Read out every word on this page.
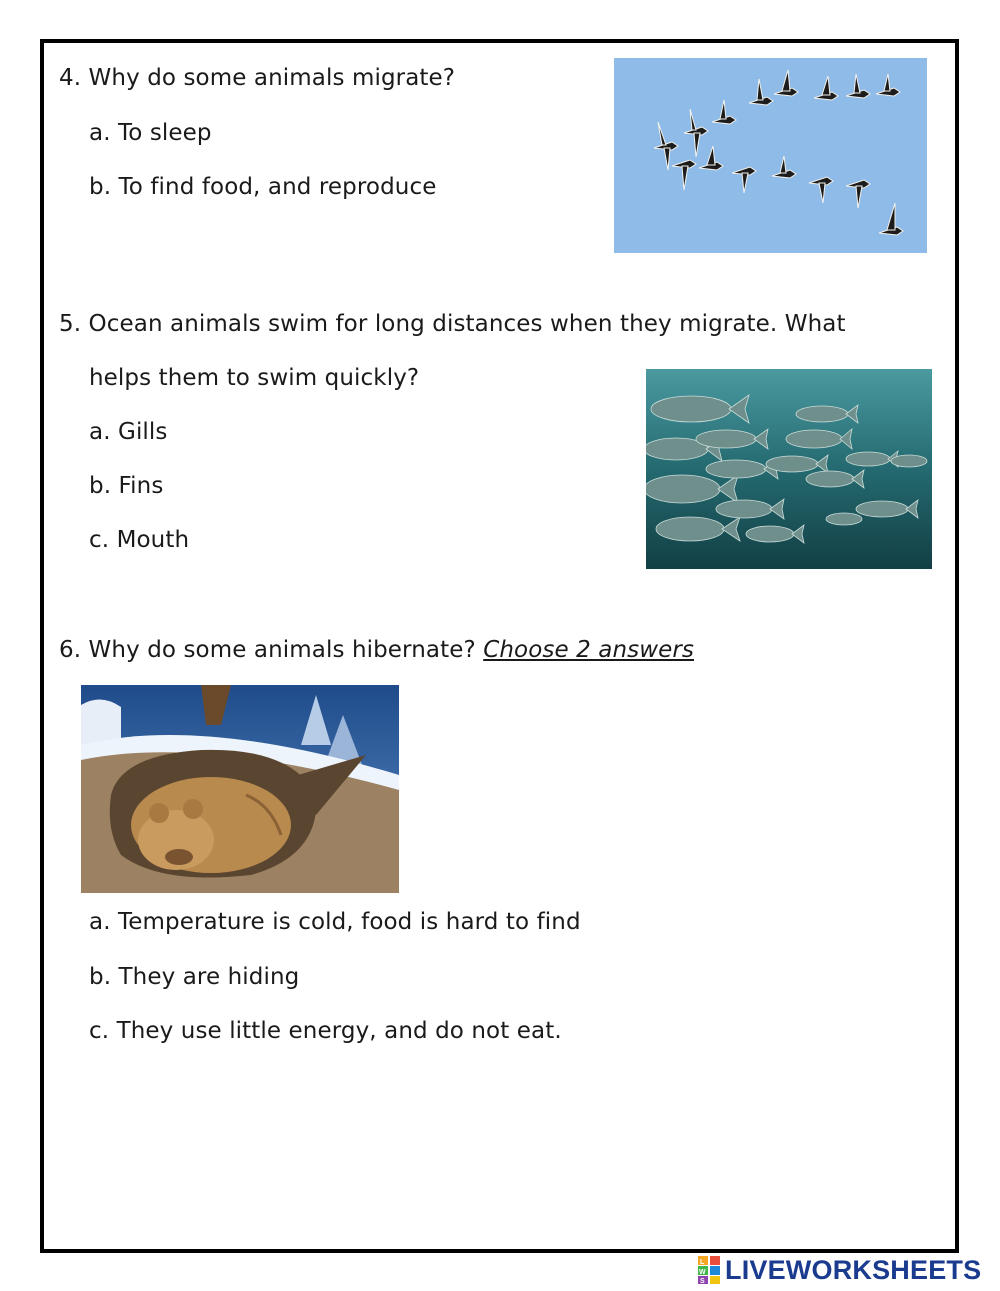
4. Why do some animals migrate?
a. To sleep
b. To find food, and reproduce
5. Ocean animals swim for long distances when they migrate. What
helps them to swim quickly?
a. Gills
b. Fins
c. Mouth
6. Why do some animals hibernate? Choose 2 answers
a. Temperature is cold, food is hard to find
b. They are hiding
c. They use little energy, and do not eat.
L
W
S LIVEWORKSHEETS
